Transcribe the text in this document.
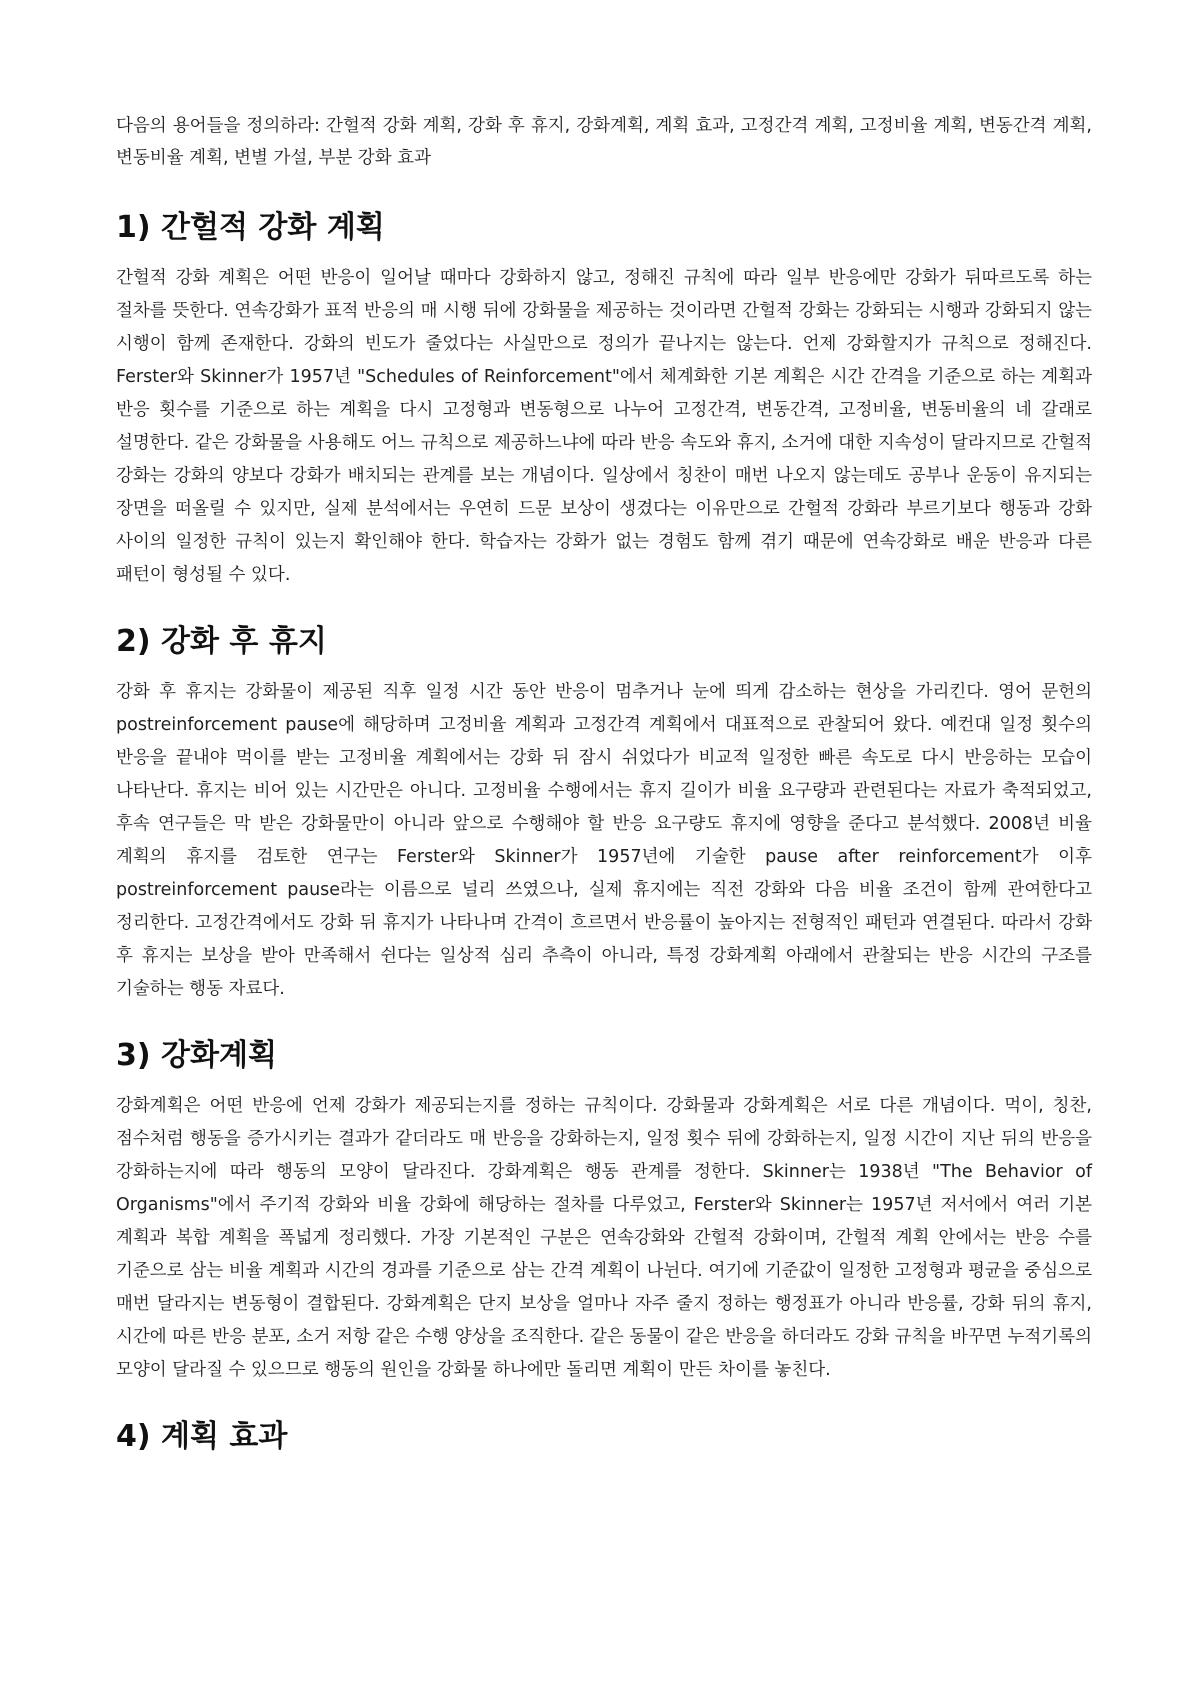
다음의 용어들을 정의하라: 간헐적 강화 계획, 강화 후 휴지, 강화계획, 계획 효과, 고정간격 계획, 고정비율 계획, 변동간격 계획, 변동비율 계획, 변별 가설, 부분 강화 효과

1) 간헐적 강화 계획

간헐적 강화 계획은 어떤 반응이 일어날 때마다 강화하지 않고, 정해진 규칙에 따라 일부 반응에만 강화가 뒤따르도록 하는 절차를 뜻한다. 연속강화가 표적 반응의 매 시행 뒤에 강화물을 제공하는 것이라면 간헐적 강화는 강화되는 시행과 강화되지 않는 시행이 함께 존재한다. 강화의 빈도가 줄었다는 사실만으로 정의가 끝나지는 않는다. 언제 강화할지가 규칙으로 정해진다. Ferster와 Skinner가 1957년 "Schedules of Reinforcement"에서 체계화한 기본 계획은 시간 간격을 기준으로 하는 계획과 반응 횟수를 기준으로 하는 계획을 다시 고정형과 변동형으로 나누어 고정간격, 변동간격, 고정비율, 변동비율의 네 갈래로 설명한다. 같은 강화물을 사용해도 어느 규칙으로 제공하느냐에 따라 반응 속도와 휴지, 소거에 대한 지속성이 달라지므로 간헐적 강화는 강화의 양보다 강화가 배치되는 관계를 보는 개념이다. 일상에서 칭찬이 매번 나오지 않는데도 공부나 운동이 유지되는 장면을 떠올릴 수 있지만, 실제 분석에서는 우연히 드문 보상이 생겼다는 이유만으로 간헐적 강화라 부르기보다 행동과 강화 사이의 일정한 규칙이 있는지 확인해야 한다. 학습자는 강화가 없는 경험도 함께 겪기 때문에 연속강화로 배운 반응과 다른 패턴이 형성될 수 있다.

2) 강화 후 휴지

강화 후 휴지는 강화물이 제공된 직후 일정 시간 동안 반응이 멈추거나 눈에 띄게 감소하는 현상을 가리킨다. 영어 문헌의 postreinforcement pause에 해당하며 고정비율 계획과 고정간격 계획에서 대표적으로 관찰되어 왔다. 예컨대 일정 횟수의 반응을 끝내야 먹이를 받는 고정비율 계획에서는 강화 뒤 잠시 쉬었다가 비교적 일정한 빠른 속도로 다시 반응하는 모습이 나타난다. 휴지는 비어 있는 시간만은 아니다. 고정비율 수행에서는 휴지 길이가 비율 요구량과 관련된다는 자료가 축적되었고, 후속 연구들은 막 받은 강화물만이 아니라 앞으로 수행해야 할 반응 요구량도 휴지에 영향을 준다고 분석했다. 2008년 비율 계획의 휴지를 검토한 연구는 Ferster와 Skinner가 1957년에 기술한 pause after reinforcement가 이후 postreinforcement pause라는 이름으로 널리 쓰였으나, 실제 휴지에는 직전 강화와 다음 비율 조건이 함께 관여한다고 정리한다. 고정간격에서도 강화 뒤 휴지가 나타나며 간격이 흐르면서 반응률이 높아지는 전형적인 패턴과 연결된다. 따라서 강화 후 휴지는 보상을 받아 만족해서 쉰다는 일상적 심리 추측이 아니라, 특정 강화계획 아래에서 관찰되는 반응 시간의 구조를 기술하는 행동 자료다.

3) 강화계획

강화계획은 어떤 반응에 언제 강화가 제공되는지를 정하는 규칙이다. 강화물과 강화계획은 서로 다른 개념이다. 먹이, 칭찬, 점수처럼 행동을 증가시키는 결과가 같더라도 매 반응을 강화하는지, 일정 횟수 뒤에 강화하는지, 일정 시간이 지난 뒤의 반응을 강화하는지에 따라 행동의 모양이 달라진다. 강화계획은 행동 관계를 정한다. Skinner는 1938년 "The Behavior of Organisms"에서 주기적 강화와 비율 강화에 해당하는 절차를 다루었고, Ferster와 Skinner는 1957년 저서에서 여러 기본 계획과 복합 계획을 폭넓게 정리했다. 가장 기본적인 구분은 연속강화와 간헐적 강화이며, 간헐적 계획 안에서는 반응 수를 기준으로 삼는 비율 계획과 시간의 경과를 기준으로 삼는 간격 계획이 나뉜다. 여기에 기준값이 일정한 고정형과 평균을 중심으로 매번 달라지는 변동형이 결합된다. 강화계획은 단지 보상을 얼마나 자주 줄지 정하는 행정표가 아니라 반응률, 강화 뒤의 휴지, 시간에 따른 반응 분포, 소거 저항 같은 수행 양상을 조직한다. 같은 동물이 같은 반응을 하더라도 강화 규칙을 바꾸면 누적기록의 모양이 달라질 수 있으므로 행동의 원인을 강화물 하나에만 돌리면 계획이 만든 차이를 놓친다.

4) 계획 효과
